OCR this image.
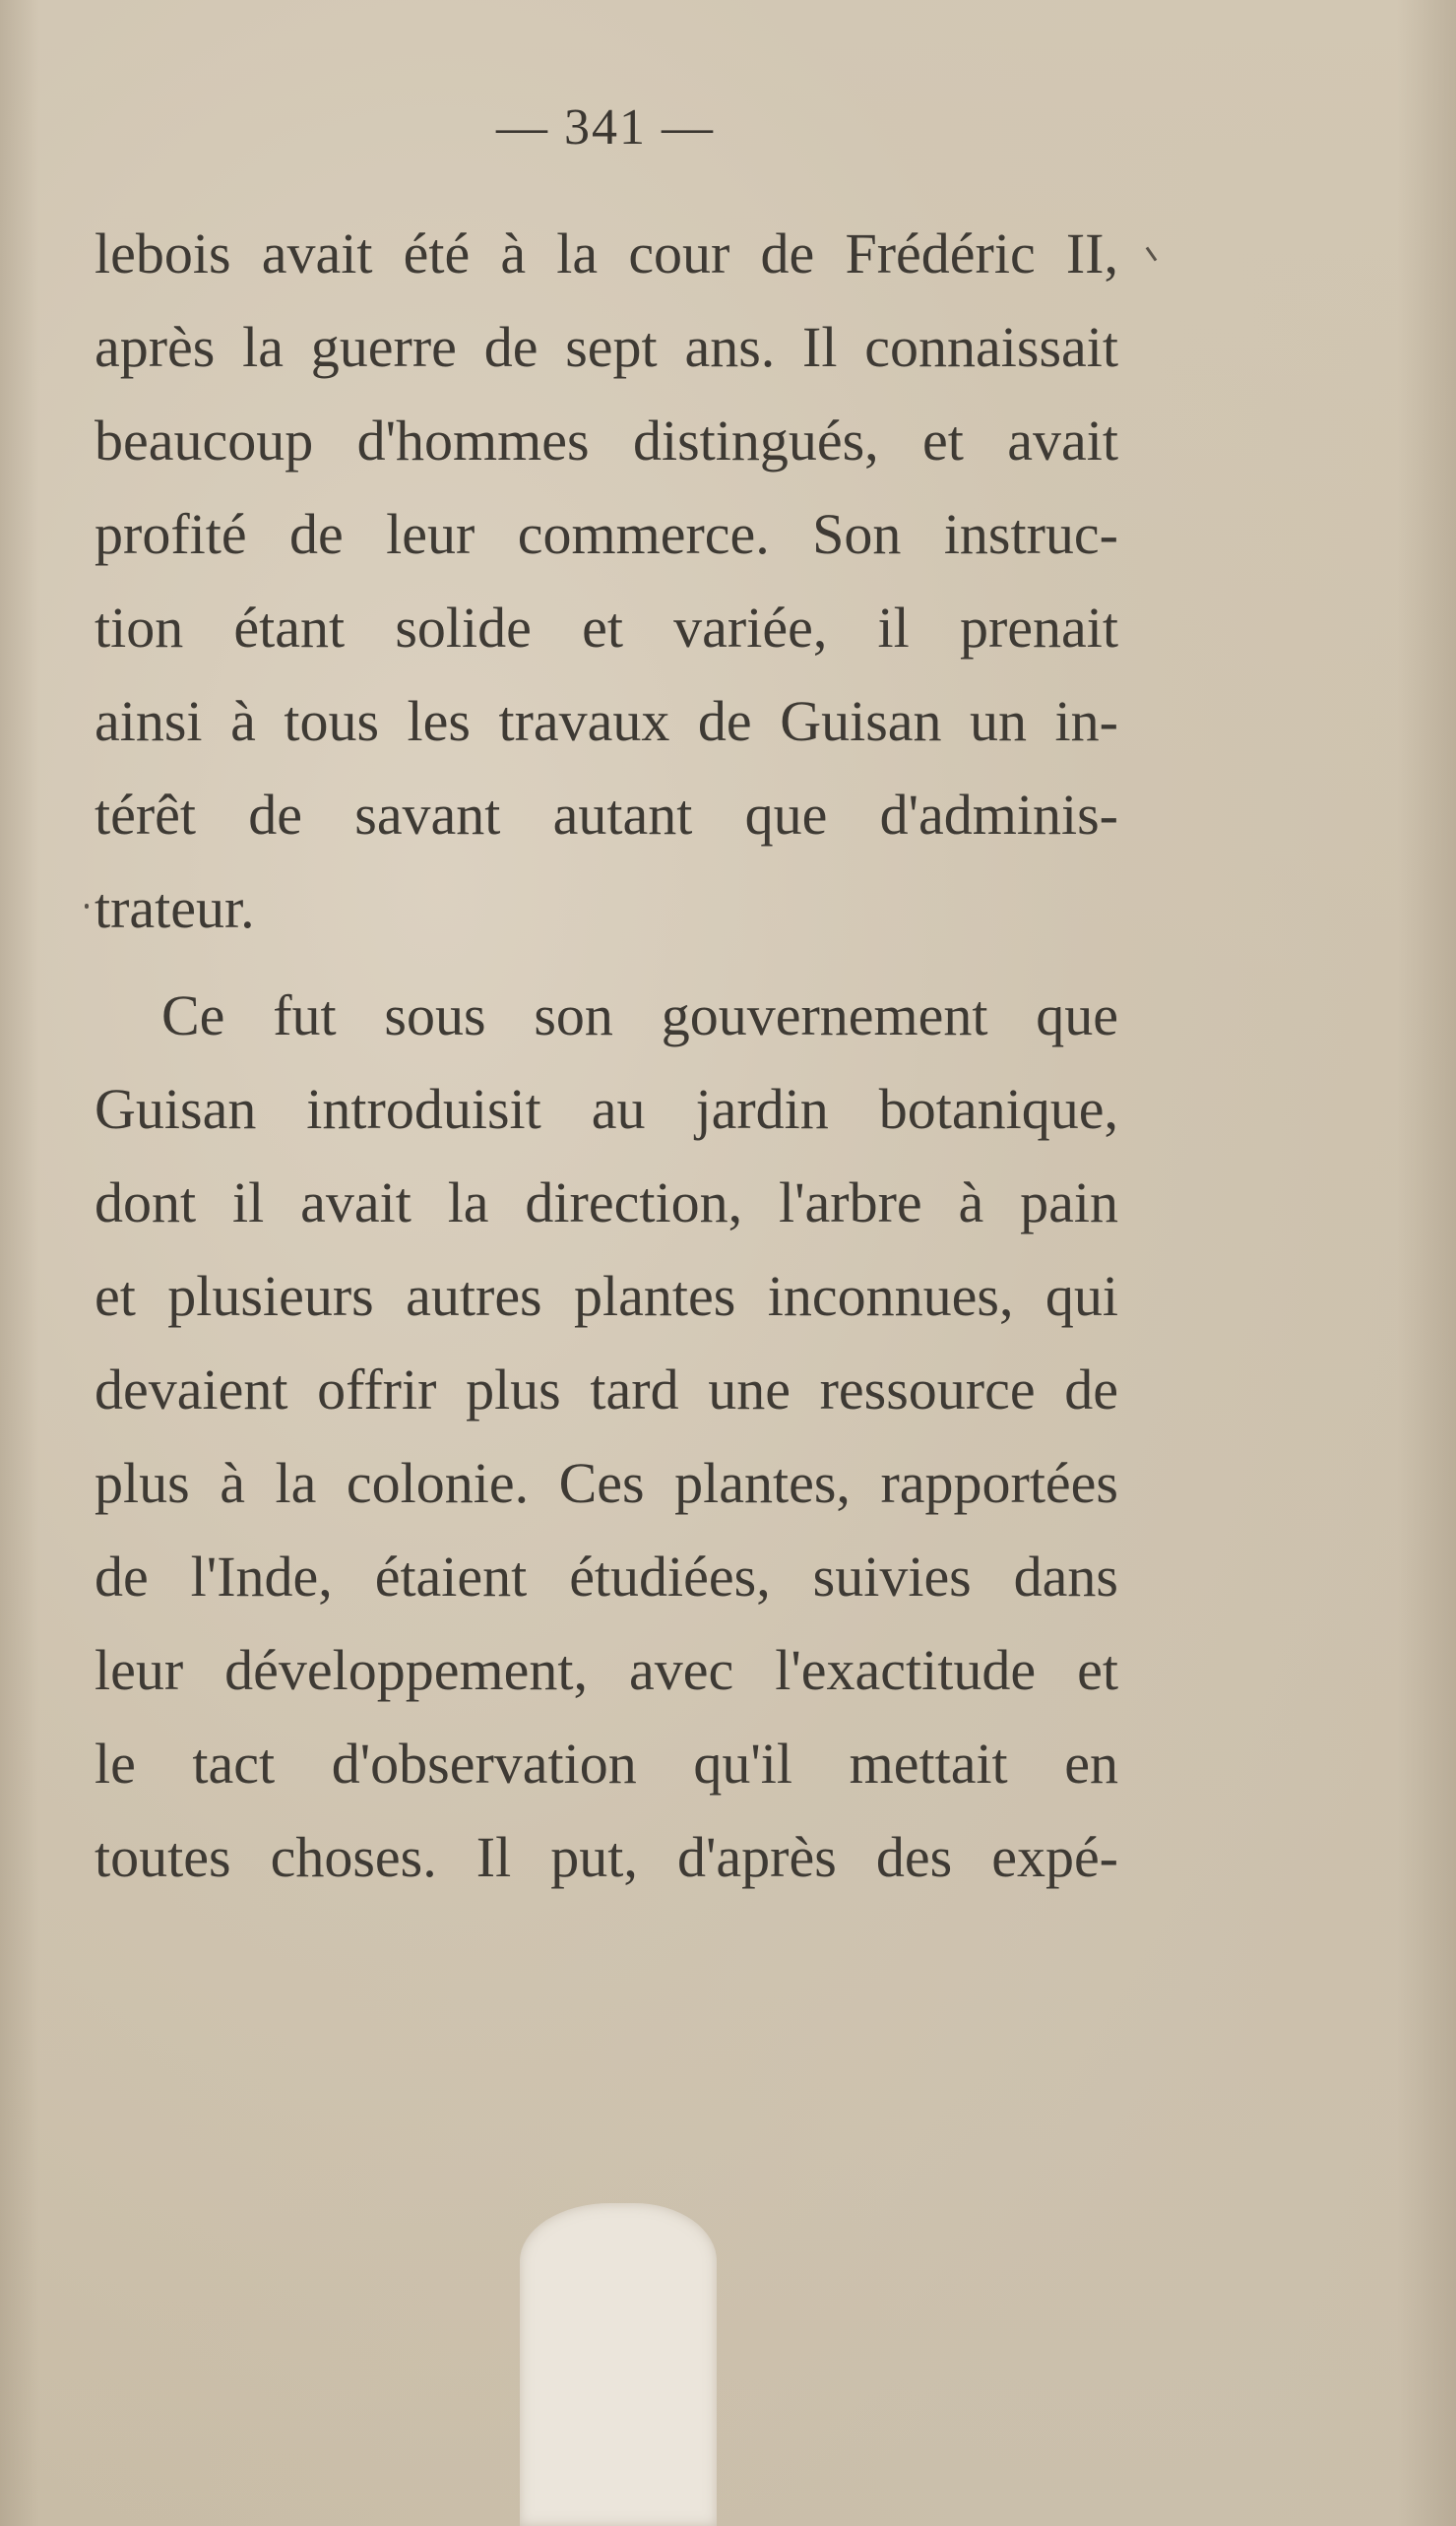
— 341 —
lebois avait été à la cour de Frédéric II,
après la guerre de sept ans. Il connaissait
beaucoup d'hommes distingués, et avait
profité de leur commerce. Son instruc-
tion étant solide et variée, il prenait
ainsi à tous les travaux de Guisan un in-
térêt de savant autant que d'adminis-
trateur.
Ce fut sous son gouvernement que
Guisan introduisit au jardin botanique,
dont il avait la direction, l'arbre à pain
et plusieurs autres plantes inconnues, qui
devaient offrir plus tard une ressource de
plus à la colonie. Ces plantes, rapportées
de l'Inde, étaient étudiées, suivies dans
leur développement, avec l'exactitude et
le tact d'observation qu'il mettait en
toutes choses. Il put, d'après des expé-
